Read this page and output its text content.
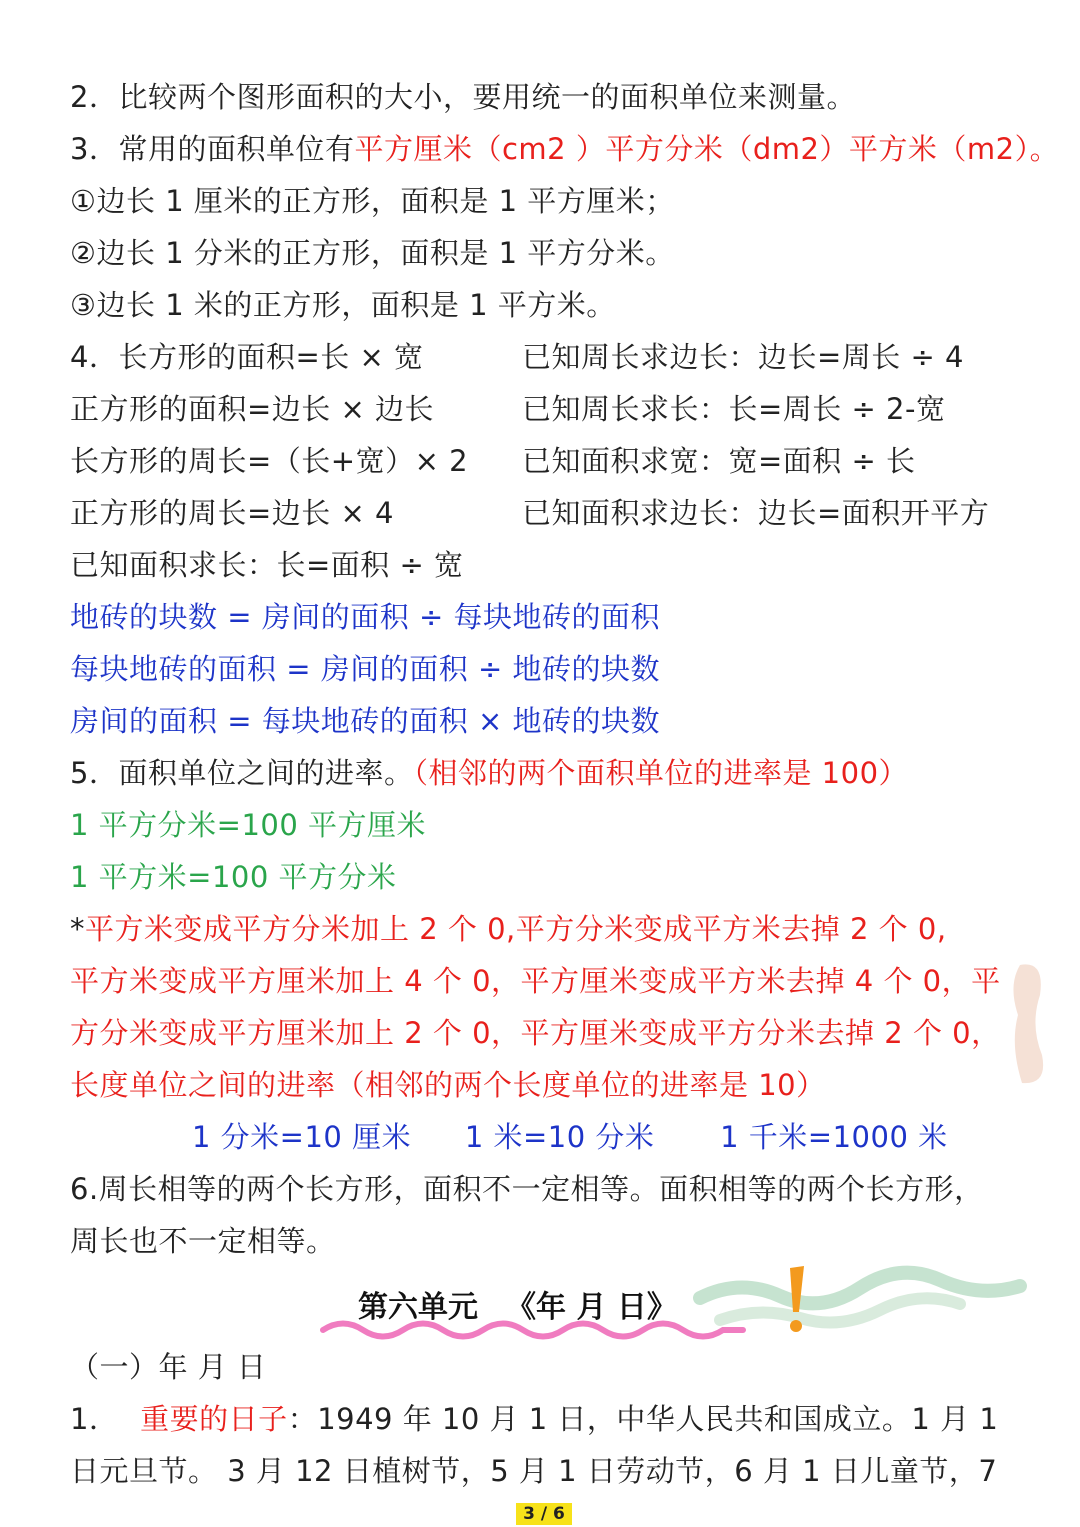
2．比较两个图形面积的大小，要用统一的面积单位来测量。
3．常用的面积单位有平方厘米（cm2 ）平方分米（dm2）平方米（m2）。
①边长 1 厘米的正方形，面积是 1 平方厘米；
②边长 1 分米的正方形，面积是 1 平方分米。
③边长 1 米的正方形，面积是 1 平方米。
4．长方形的面积=长 × 宽	已知周长求边长：边长=周长 ÷ 4
正方形的面积=边长 × 边长	已知周长求长：长=周长 ÷ 2-宽
长方形的周长=（长+宽）× 2 已知面积求宽：宽=面积 ÷ 长
正方形的周长=边长 × 4	已知面积求边长：边长=面积开平方
已知面积求长：长=面积 ÷ 宽
地砖的块数 = 房间的面积 ÷ 每块地砖的面积
每块地砖的面积 = 房间的面积 ÷ 地砖的块数
房间的面积 = 每块地砖的面积 × 地砖的块数
5．面积单位之间的进率。（相邻的两个面积单位的进率是 100）
1 平方分米=100 平方厘米
1 平方米=100 平方分米
*平方米变成平方分米加上 2 个 0,平方分米变成平方米去掉 2 个 0,
平方米变成平方厘米加上 4 个 0，平方厘米变成平方米去掉 4 个 0，平
方分米变成平方厘米加上 2 个 0，平方厘米变成平方分米去掉 2 个 0，
长度单位之间的进率（相邻的两个长度单位的进率是 10）
1 分米=10 厘米 1 米=10 分米 1 千米=1000 米
6.周长相等的两个长方形，面积不一定相等。面积相等的两个长方形，
周长也不一定相等。
第六单元 《年 月 日》
（一）年 月 日
1． 重要的日子：1949 年 10 月 1 日，中华人民共和国成立。1 月 1
日元旦节。 3 月 12 日植树节，5 月 1 日劳动节，6 月 1 日儿童节，7
3 / 6
